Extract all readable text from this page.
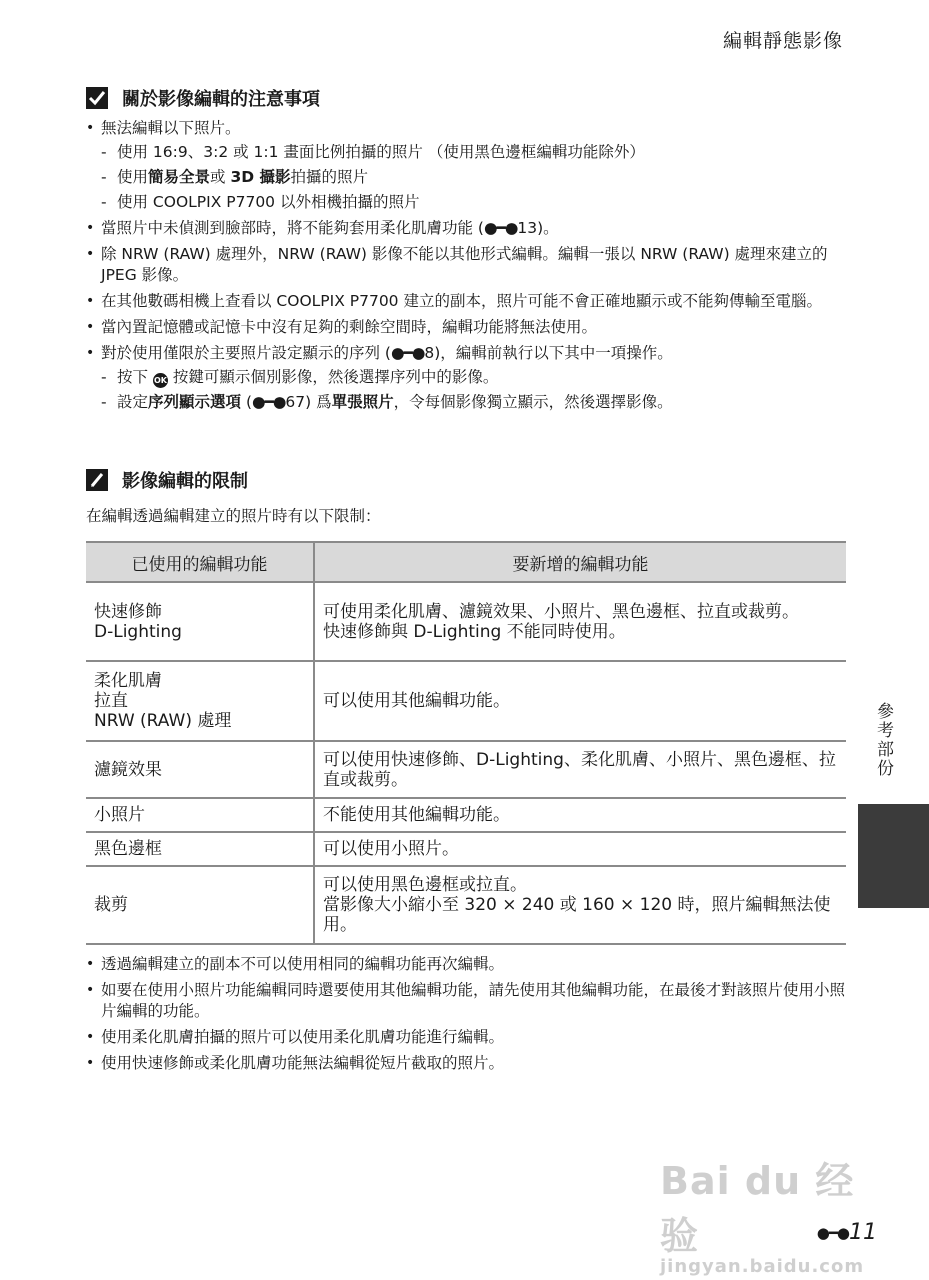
編輯靜態影像
關於影像編輯的注意事項
• 無法編輯以下照片。
- 使用 16:9、3:2 或 1:1 畫面比例拍攝的照片 （使用黑色邊框編輯功能除外）
- 使用簡易全景或 3D 攝影拍攝的照片
- 使用 COOLPIX P7700 以外相機拍攝的照片
• 當照片中未偵測到臉部時，將不能夠套用柔化肌膚功能 (●━●13)。
• 除 NRW (RAW) 處理外，NRW (RAW) 影像不能以其他形式編輯。編輯一張以 NRW (RAW) 處理來建立的 JPEG 影像。
• 在其他數碼相機上查看以 COOLPIX P7700 建立的副本，照片可能不會正確地顯示或不能夠傳輸至電腦。
• 當內置記憶體或記憶卡中沒有足夠的剩餘空間時，編輯功能將無法使用。
• 對於使用僅限於主要照片設定顯示的序列 (●━●8)，編輯前執行以下其中一項操作。
- 按下 OK 按鍵可顯示個別影像，然後選擇序列中的影像。
- 設定序列顯示選項 (●━●67) 爲單張照片，令每個影像獨立顯示，然後選擇影像。
影像編輯的限制
在編輯透過編輯建立的照片時有以下限制：
已使用的編輯功能	要新增的編輯功能

快速修飾
D-Lighting	可使用柔化肌膚、濾鏡效果、小照片、黑色邊框、拉直或裁剪。
快速修飾與 D-Lighting 不能同時使用。

柔化肌膚
拉直
NRW (RAW) 處理	可以使用其他編輯功能。

濾鏡效果	可以使用快速修飾、D-Lighting、柔化肌膚、小照片、黑色邊框、拉直或裁剪。

小照片	不能使用其他編輯功能。

黑色邊框	可以使用小照片。

裁剪	可以使用黑色邊框或拉直。
當影像大小縮小至 320 × 240 或 160 × 120 時，照片編輯無法使用。
• 透過編輯建立的副本不可以使用相同的編輯功能再次編輯。
• 如要在使用小照片功能編輯同時還要使用其他編輯功能，請先使用其他編輯功能，在最後才對該照片使用小照片編輯的功能。
• 使用柔化肌膚拍攝的照片可以使用柔化肌膚功能進行編輯。
• 使用快速修飾或柔化肌膚功能無法編輯從短片截取的照片。
參考部份
Bai du 经验
jingyan.baidu.com
●━● 11
